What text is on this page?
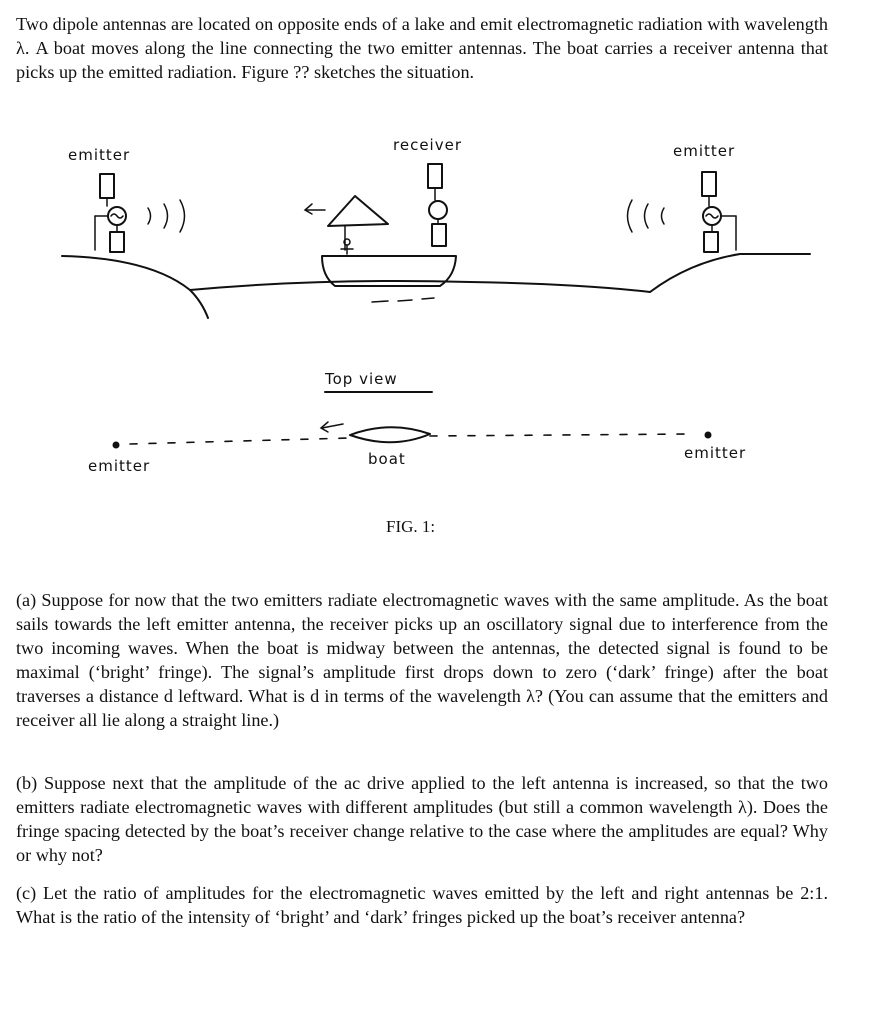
Two dipole antennas are located on opposite ends of a lake and emit electromagnetic radiation with wavelength λ. A boat moves along the line connecting the two emitter antennas. The boat carries a receiver antenna that picks up the emitted radiation. Figure ?? sketches the situation.

emitter
receiver	emitter
Top view
emitter	boat	emitter
FIG. 1:

(a) Suppose for now that the two emitters radiate electromagnetic waves with the same amplitude. As the boat sails towards the left emitter antenna, the receiver picks up an oscillatory signal due to interference from the two incoming waves. When the boat is midway between the antennas, the detected signal is found to be maximal (‘bright’ fringe). The signal’s amplitude first drops down to zero (‘dark’ fringe) after the boat traverses a distance d leftward. What is d in terms of the wavelength λ? (You can assume that the emitters and receiver all lie along a straight line.)

(b) Suppose next that the amplitude of the ac drive applied to the left antenna is increased, so that the two emitters radiate electromagnetic waves with different amplitudes (but still a common wavelength λ). Does the fringe spacing detected by the boat’s receiver change relative to the case where the amplitudes are equal? Why or why not?

(c) Let the ratio of amplitudes for the electromagnetic waves emitted by the left and right antennas be 2:1. What is the ratio of the intensity of ‘bright’ and ‘dark’ fringes picked up the boat’s receiver antenna?
